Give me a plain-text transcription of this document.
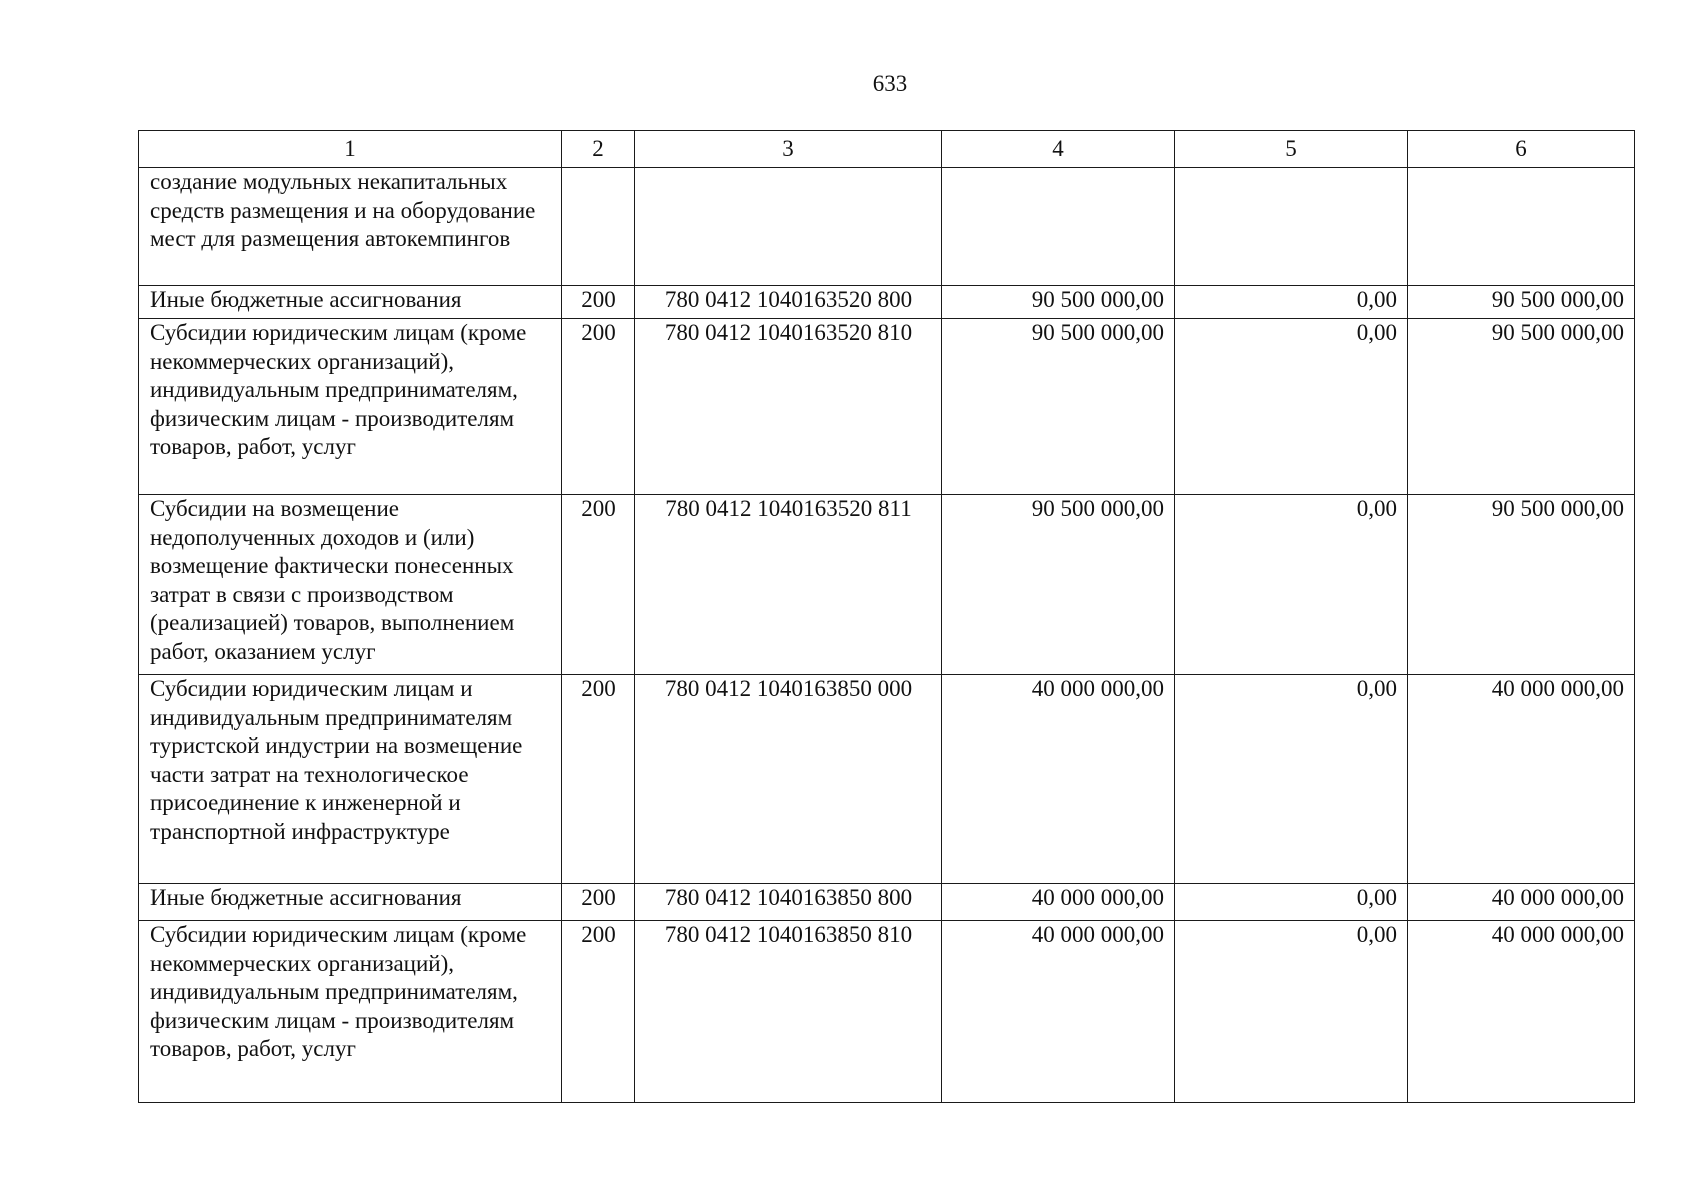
633
1	2	3	4	5	6
создание модульных некапитальных средств размещения и на оборудование мест для размещения автокемпингов					
Иные бюджетные ассигнования	200	780 0412 1040163520 800	90 500 000,00	0,00	90 500 000,00
Субсидии юридическим лицам (кроме некоммерческих организаций), индивидуальным предпринимателям, физическим лицам - производителям товаров, работ, услуг	200	780 0412 1040163520 810	90 500 000,00	0,00	90 500 000,00
Субсидии на возмещение недополученных доходов и (или) возмещение фактически понесенных затрат в связи с производством (реализацией) товаров, выполнением работ, оказанием услуг	200	780 0412 1040163520 811	90 500 000,00	0,00	90 500 000,00
Субсидии юридическим лицам и индивидуальным предпринимателям туристской индустрии на возмещение части затрат на технологическое присоединение к инженерной и транспортной инфраструктуре	200	780 0412 1040163850 000	40 000 000,00	0,00	40 000 000,00
Иные бюджетные ассигнования	200	780 0412 1040163850 800	40 000 000,00	0,00	40 000 000,00
Субсидии юридическим лицам (кроме некоммерческих организаций), индивидуальным предпринимателям, физическим лицам - производителям товаров, работ, услуг	200	780 0412 1040163850 810	40 000 000,00	0,00	40 000 000,00
